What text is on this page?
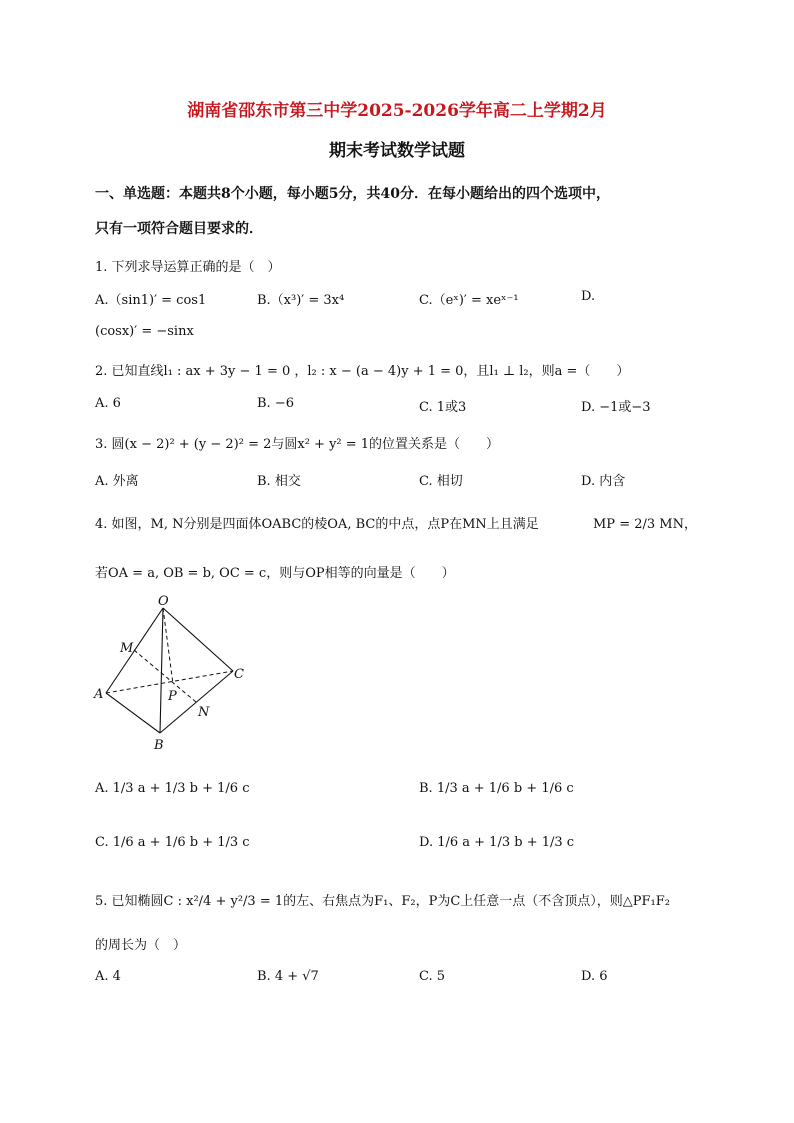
湖南省邵东市第三中学2025-2026学年高二上学期2月
期末考试数学试题
一、单选题：本题共8个小题，每小题5分，共40分．在每小题给出的四个选项中，
只有一项符合题目要求的．
1. 下列求导运算正确的是（　）
A.（sin1)′ = cos1	B.（x³)′ = 3x⁴	C.（eˣ)′ = xeˣ⁻¹	D.
(cosx)′ = −sinx
2. 已知直线l₁ : ax + 3y − 1 = 0 ，l₂ : x − (a − 4)y + 1 = 0，且l₁ ⊥ l₂，则a =（　　）
A. 6	B. −6	C. 1或3	D. −1或−3
3. 圆(x − 2)² + (y − 2)² = 2与圆x² + y² = 1的位置关系是（　　）
A. 外离	B. 相交	C. 相切	D. 内含
4. 如图，M, N分别是四面体OABC的棱OA, BC的中点，点P在MN上且满足	MP = 2/3 MN，
若OA = a, OB = b, OC = c，则与OP相等的向量是（　　）
O
M
A	P
N
C
B
A. 1/3 a + 1/3 b + 1/6 c	B. 1/3 a + 1/6 b + 1/6 c
C. 1/6 a + 1/6 b + 1/3 c	D. 1/6 a + 1/3 b + 1/3 c
5. 已知椭圆C : x²/4 + y²/3 = 1的左、右焦点为F₁、F₂，P为C上任意一点（不含顶点），则△PF₁F₂
的周长为（　）
A. 4	B. 4 + √7	C. 5	D. 6
